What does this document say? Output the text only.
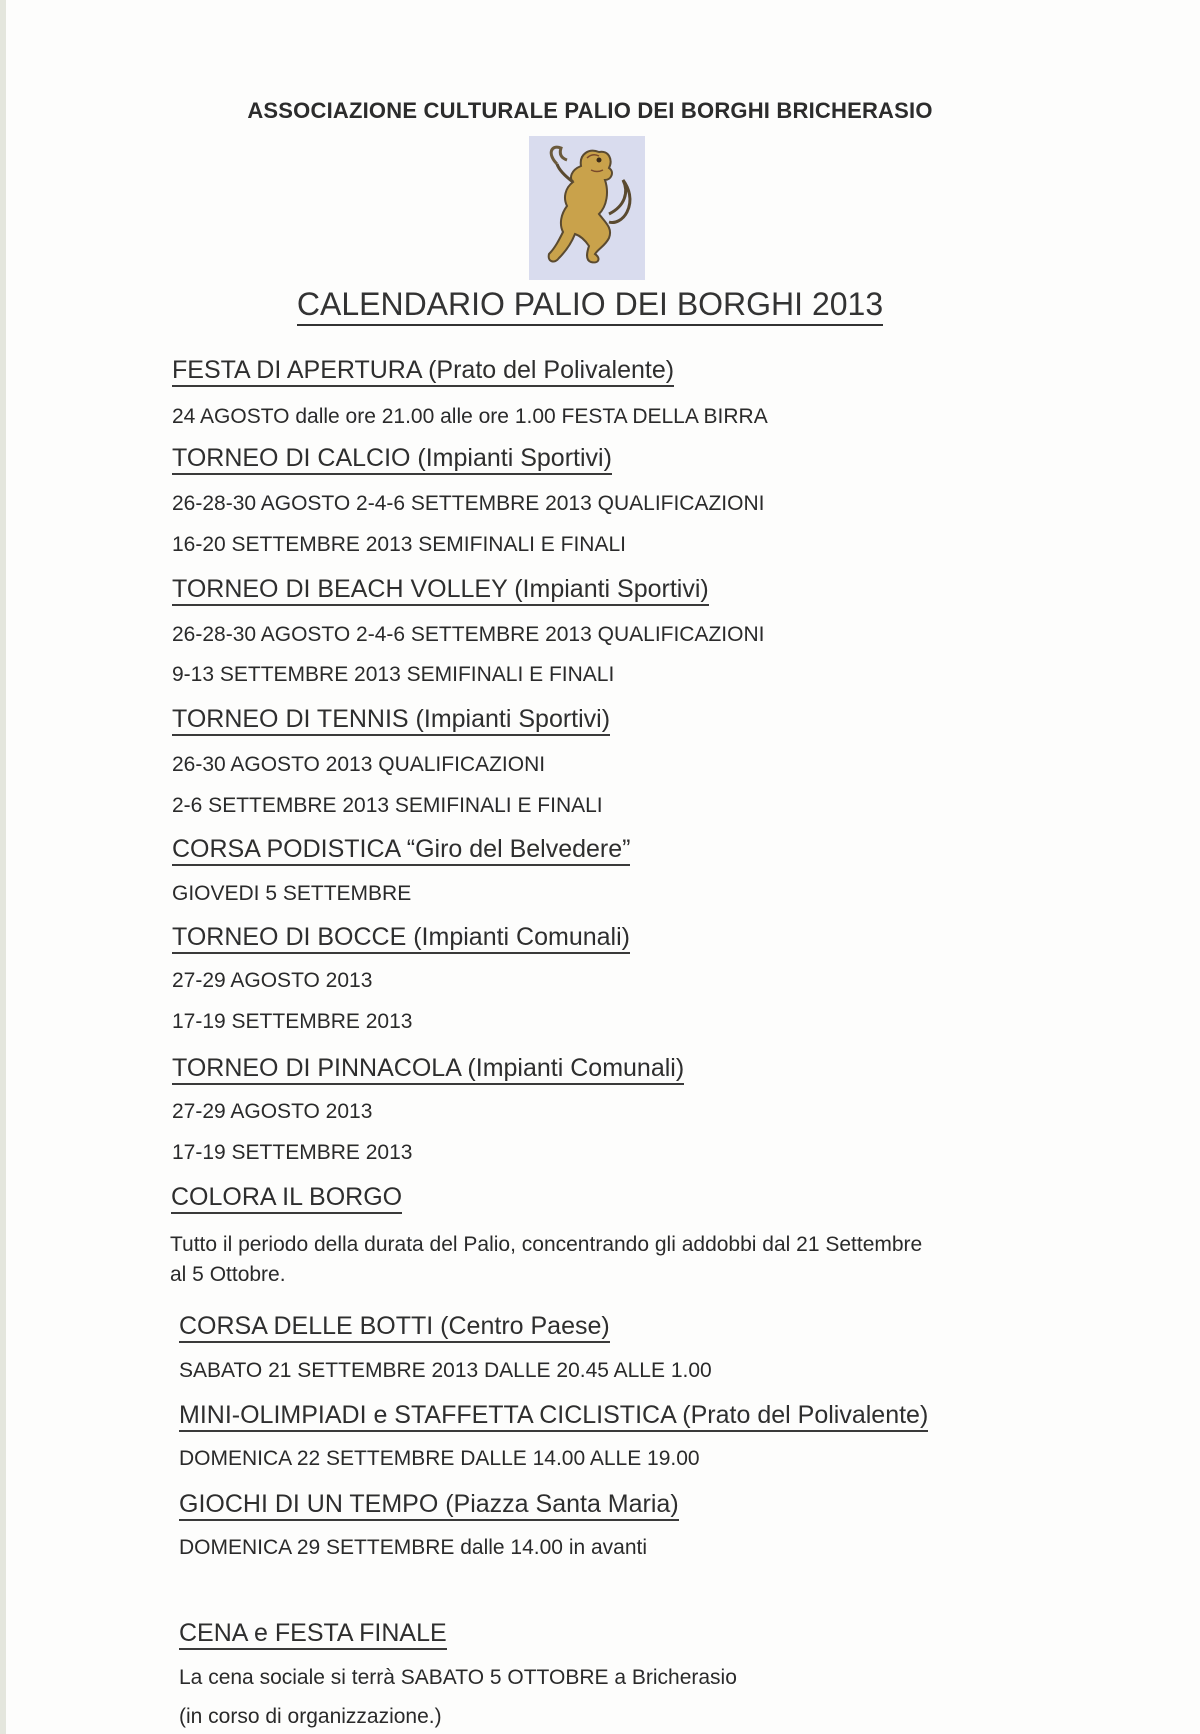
ASSOCIAZIONE CULTURALE PALIO DEI BORGHI BRICHERASIO
CALENDARIO PALIO DEI BORGHI 2013
FESTA DI APERTURA (Prato del Polivalente)
24 AGOSTO dalle ore 21.00 alle ore 1.00 FESTA DELLA BIRRA
TORNEO DI CALCIO (Impianti Sportivi)
26-28-30 AGOSTO 2-4-6 SETTEMBRE 2013 QUALIFICAZIONI
16-20 SETTEMBRE 2013 SEMIFINALI E FINALI
TORNEO DI BEACH VOLLEY (Impianti Sportivi)
26-28-30 AGOSTO 2-4-6 SETTEMBRE 2013 QUALIFICAZIONI
9-13 SETTEMBRE 2013 SEMIFINALI E FINALI
TORNEO DI TENNIS (Impianti Sportivi)
26-30 AGOSTO 2013 QUALIFICAZIONI
2-6 SETTEMBRE 2013 SEMIFINALI E FINALI
CORSA PODISTICA “Giro del Belvedere”
GIOVEDI 5 SETTEMBRE
TORNEO DI BOCCE (Impianti Comunali)
27-29 AGOSTO 2013
17-19 SETTEMBRE 2013
TORNEO DI PINNACOLA (Impianti Comunali)
27-29 AGOSTO 2013
17-19 SETTEMBRE 2013
COLORA IL BORGO
Tutto il periodo della durata del Palio, concentrando gli addobbi dal 21 Settembre al 5 Ottobre.
CORSA DELLE BOTTI (Centro Paese)
SABATO 21 SETTEMBRE 2013 DALLE 20.45 ALLE 1.00
MINI-OLIMPIADI e STAFFETTA CICLISTICA (Prato del Polivalente)
DOMENICA 22 SETTEMBRE DALLE 14.00 ALLE 19.00
GIOCHI DI UN TEMPO (Piazza Santa Maria)
DOMENICA 29 SETTEMBRE dalle 14.00 in avanti
CENA e FESTA FINALE
La cena sociale si terrà SABATO 5 OTTOBRE a Bricherasio
(in corso di organizzazione.)
